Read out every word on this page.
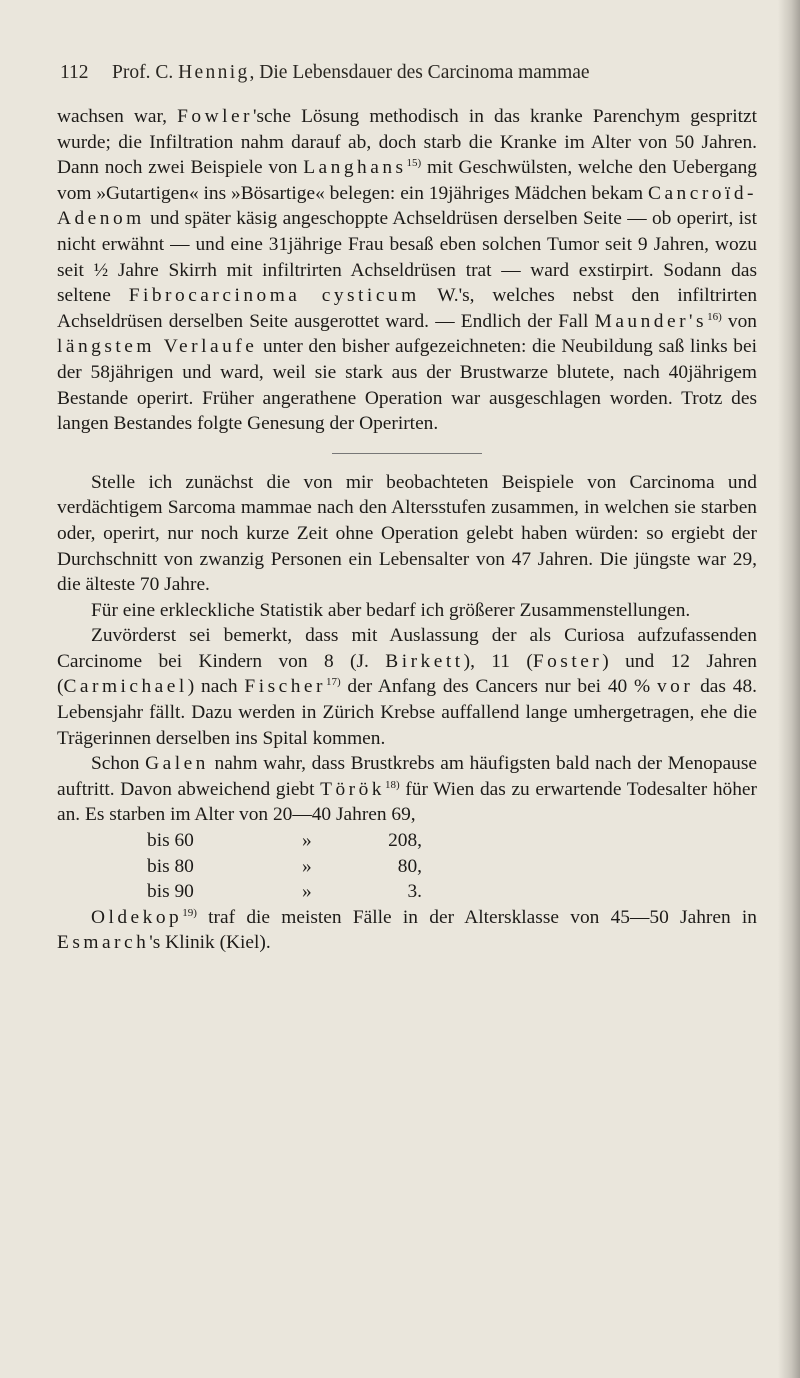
112 Prof. C. Hennig, Die Lebensdauer des Carcinoma mammae

wachsen war, Fowler'sche Lösung methodisch in das kranke Parenchym gespritzt wurde; die Infiltration nahm darauf ab, doch starb die Kranke im Alter von 50 Jahren. Dann noch zwei Beispiele von Langhans$^{15)}$ mit Geschwülsten, welche den Uebergang vom »Gutartigen« ins »Bösartige« belegen: ein 19jähriges Mädchen bekam Cancroïd-Adenom und später käsig angeschoppte Achseldrüsen derselben Seite — ob operirt, ist nicht erwähnt — und eine 31jährige Frau besaß eben solchen Tumor seit 9 Jahren, wozu seit ½ Jahre Skirrh mit infiltrirten Achseldrüsen trat — ward exstirpirt. Sodann das seltene Fibrocarcinoma cysticum W.'s, welches nebst den infiltrirten Achseldrüsen derselben Seite ausgerottet ward. — Endlich der Fall $Maunder's^{16)}$ von längstem Verlaufe unter den bisher aufgezeichneten: die Neubildung saß links bei der 58jährigen und ward, weil sie stark aus der Brustwarze blutete, nach 40jährigem Bestande operirt. Früher angerathene Operation war ausgeschlagen worden. Trotz des langen Bestandes folgte Genesung der Operirten.

Stelle ich zunächst die von mir beobachteten Beispiele von Carcinoma und verdächtigem Sarcoma mammae nach den Altersstufen zusammen, in welchen sie starben oder, operirt, nur noch kurze Zeit ohne Operation gelebt haben würden: so ergiebt der Durchschnitt von zwanzig Personen ein Lebensalter von 47 Jahren. Die jüngste war 29, die älteste 70 Jahre.

Für eine erkleckliche Statistik aber bedarf ich größerer Zusammenstellungen.

Zuvörderst sei bemerkt, dass mit Auslassung der als Curiosa aufzufassenden Carcinome bei Kindern von 8 (J. Birkett), 11 (Foster) und 12 Jahren (Carmichael) nach Fischer$^{17)}$ der Anfang des Cancers nur bei 40 % vor das 48. Lebensjahr fällt. Dazu werden in Zürich Krebse auffallend lange umhergetragen, ehe die Trägerinnen derselben ins Spital kommen.

Schon Galen nahm wahr, dass Brustkrebs am häufigsten bald nach der Menopause auftritt. Davon abweichend giebt Török$^{18)}$ für Wien das zu erwartende Todesalter höher an. Es starben im Alter von 20—40 Jahren 69,

bis 60	»	208,
bis 80	»	80,
bis 90	»	3.

Oldekop$^{19)}$ traf die meisten Fälle in der Altersklasse von 45—50 Jahren in Esmarch's Klinik (Kiel).
